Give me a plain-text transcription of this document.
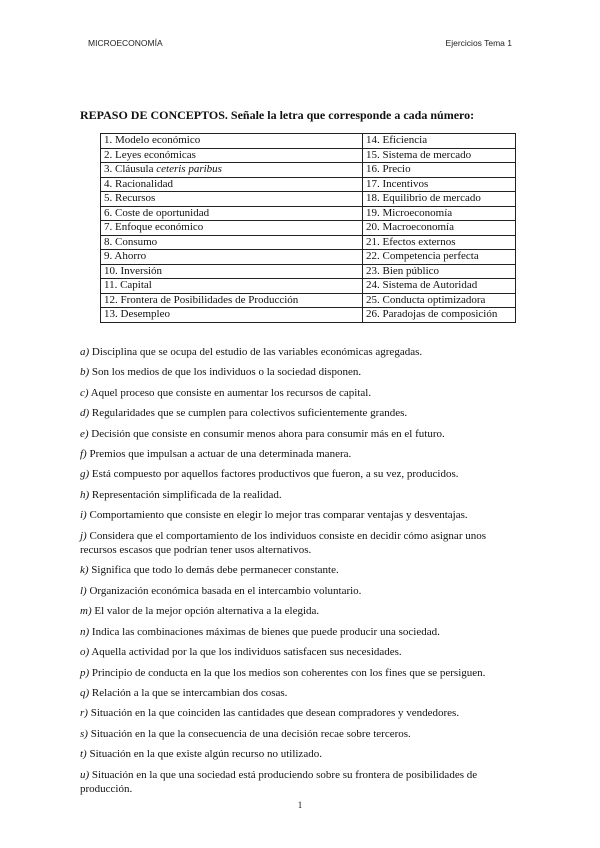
MICROECONOMÍA	Ejercicios Tema 1
REPASO DE CONCEPTOS. Señale la letra que corresponde a cada número:
1. Modelo económico	14. Eficiencia
2. Leyes económicas	15. Sistema de mercado
3. Cláusula ceteris paribus	16. Precio
4. Racionalidad	17. Incentivos
5. Recursos	18. Equilibrio de mercado
6. Coste de oportunidad	19. Microeconomía
7. Enfoque económico	20. Macroeconomía
8. Consumo	21. Efectos externos
9. Ahorro	22. Competencia perfecta
10. Inversión	23. Bien público
11. Capital	24. Sistema de Autoridad
12. Frontera de Posibilidades de Producción	25. Conducta optimizadora
13. Desempleo	26. Paradojas de composición

a) Disciplina que se ocupa del estudio de las variables económicas agregadas.

b) Son los medios de que los individuos o la sociedad disponen.

c) Aquel proceso que consiste en aumentar los recursos de capital.

d) Regularidades que se cumplen para colectivos suficientemente grandes.

e) Decisión que consiste en consumir menos ahora para consumir más en el futuro.

f) Premios que impulsan a actuar de una determinada manera.

g) Está compuesto por aquellos factores productivos que fueron, a su vez, producidos.

h) Representación simplificada de la realidad.

i) Comportamiento que consiste en elegir lo mejor tras comparar ventajas y desventajas.

j) Considera que el comportamiento de los individuos consiste en decidir cómo asignar unos recursos escasos que podrían tener usos alternativos.

k) Significa que todo lo demás debe permanecer constante.

l) Organización económica basada en el intercambio voluntario.

m) El valor de la mejor opción alternativa a la elegida.

n) Indica las combinaciones máximas de bienes que puede producir una sociedad.

o) Aquella actividad por la que los individuos satisfacen sus necesidades.

p) Principio de conducta en la que los medios son coherentes con los fines que se persiguen.

q) Relación a la que se intercambian dos cosas.

r) Situación en la que coinciden las cantidades que desean compradores y vendedores.

s) Situación en la que la consecuencia de una decisión recae sobre terceros.

t) Situación en la que existe algún recurso no utilizado.

u) Situación en la que una sociedad está produciendo sobre su frontera de posibilidades de producción.

1
